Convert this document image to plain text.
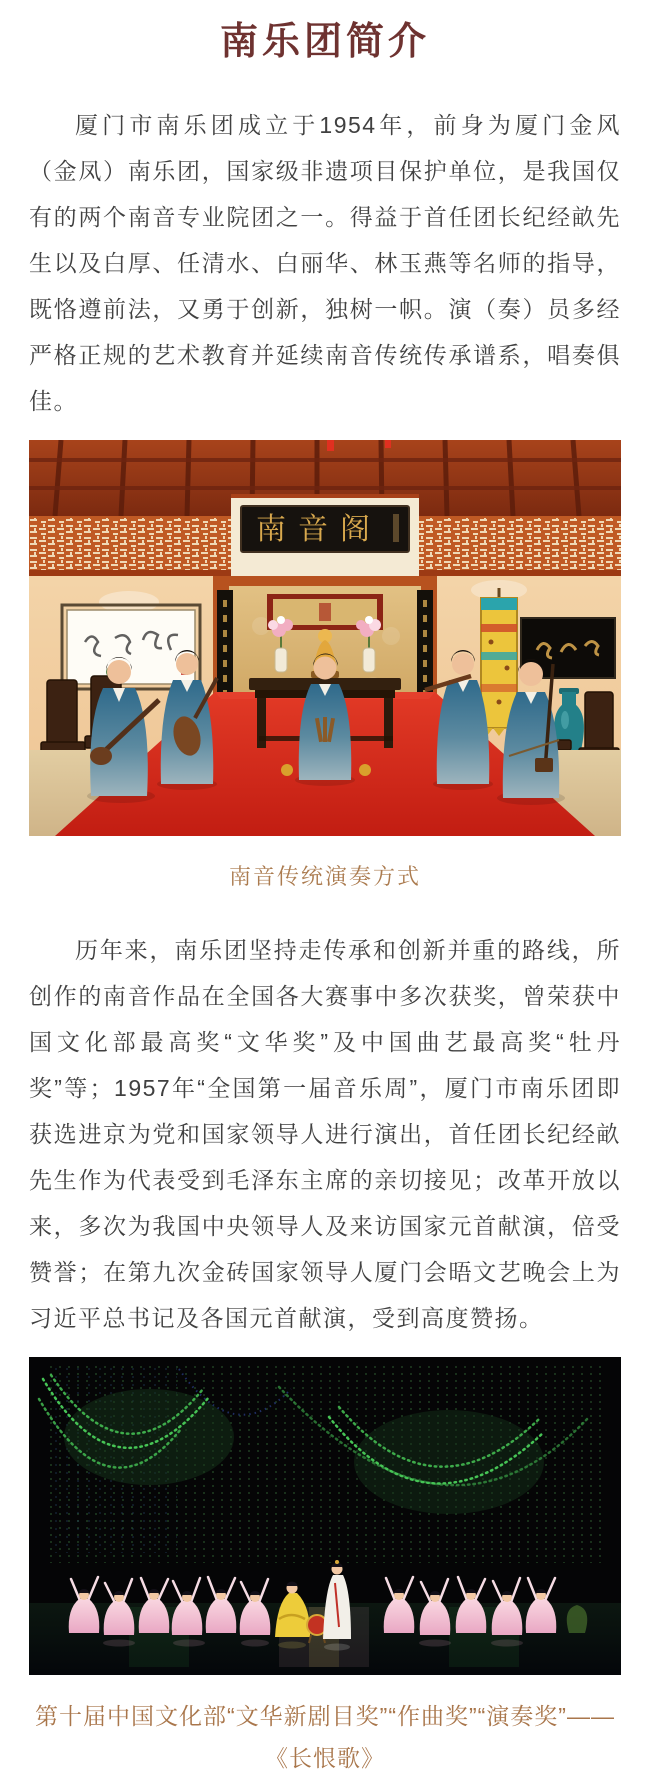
南乐团简介

厦门市南乐团成立于1954年，前身为厦门金风（金凤）南乐团，国家级非遗项目保护单位，是我国仅有的两个南音专业院团之一。得益于首任团长纪经畝先生以及白厚、任清水、白丽华、林玉燕等名师的指导，既恪遵前法，又勇于创新，独树一帜。演（奏）员多经严格正规的艺术教育并延续南音传统传承谱系，唱奏俱佳。

南音阁
南音传统演奏方式

历年来，南乐团坚持走传承和创新并重的路线，所创作的南音作品在全国各大赛事中多次获奖，曾荣获中国文化部最高奖“文华奖”及中国曲艺最高奖“牡丹奖”等；1957年“全国第一届音乐周”，厦门市南乐团即获选进京为党和国家领导人进行演出，首任团长纪经畝先生作为代表受到毛泽东主席的亲切接见；改革开放以来，多次为我国中央领导人及来访国家元首献演，倍受赞誉；在第九次金砖国家领导人厦门会晤文艺晚会上为习近平总书记及各国元首献演，受到高度赞扬。

第十届中国文化部“文华新剧目奖”“作曲奖”“演奏奖”——
《长恨歌》
